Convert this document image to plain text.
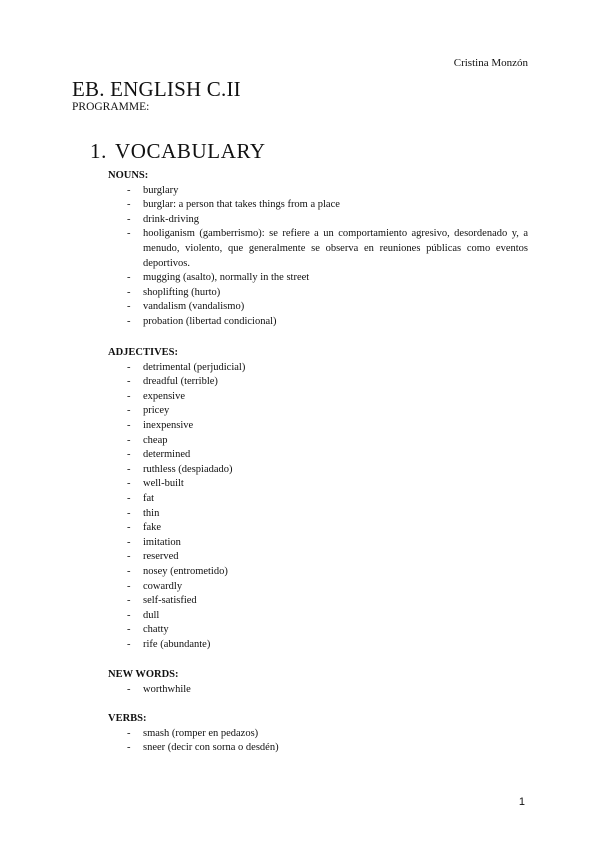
Cristina Monzón
EB. ENGLISH C.II
PROGRAMME:
1. VOCABULARY
NOUNS:
- burglary
- burglar: a person that takes things from a place
- drink-driving
- hooliganism (gamberrismo): se refiere a un comportamiento agresivo, desordenado y, a menudo, violento, que generalmente se observa en reuniones públicas como eventos deportivos.
- mugging (asalto), normally in the street
- shoplifting (hurto)
- vandalism (vandalismo)
- probation (libertad condicional)
ADJECTIVES:
- detrimental (perjudicial)
- dreadful (terrible)
- expensive
- pricey
- inexpensive
- cheap
- determined
- ruthless (despiadado)
- well-built
- fat
- thin
- fake
- imitation
- reserved
- nosey (entrometido)
- cowardly
- self-satisfied
- dull
- chatty
- rife (abundante)
NEW WORDS:
- worthwhile
VERBS:
- smash (romper en pedazos)
- sneer (decir con sorna o desdén)
1
